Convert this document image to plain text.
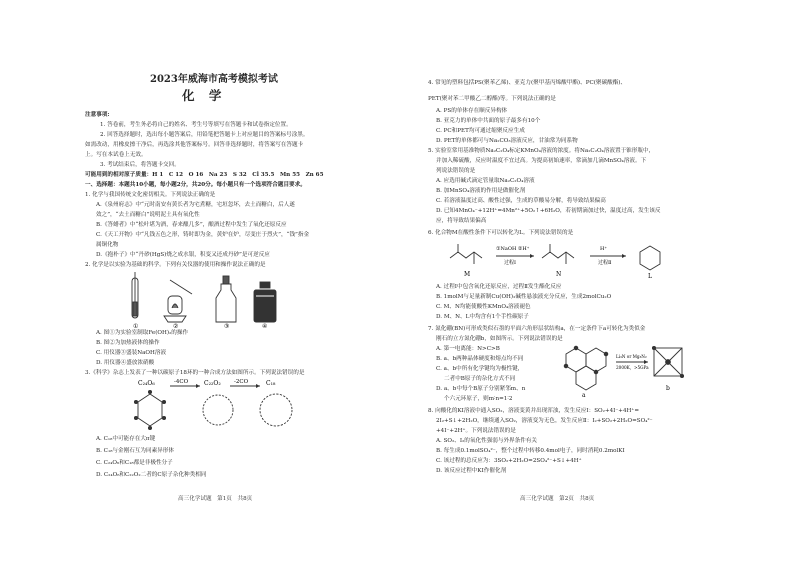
2023年威海市高考模拟考试
化 学
注意事项:
1. 答卷前，考生务必将自己的姓名、考生号等填写在答题卡和试卷指定位置。
2. 回答选择题时，选出每小题答案后，用铅笔把答题卡上对应题目的答案标号涂黑。
如需改动，用橡皮擦干净后，再选涂其他答案标号。回答非选择题时，将答案写在答题卡
上。写在本试卷上无效。
3. 考试结束后，将答题卡交回。
可能用到的相对原子质量：H 1　C 12　O 16　Na 23　S 32　Cl 35.5　Mn 55　Zn 65
一、选择题：本题共10小题，每小题2分，共20分。每小题只有一个选项符合题目要求。
1. 化学与我国传统文化密切相关。下列说法正确的是
A.《泉州府志》中“元时南安有黄长者为宅煮糖，宅垣忽坏，去土而糖白，后人遂
效之”，“去土而糖白”说明泥土具有氧化性
B.《答蜡者》中“松叶堪为酒，春来酿几多”，酿酒过程中发生了氧化还原反应
C.《天工开物》中“凡钱五色之形，铸时即为金，黄炉在炉，尽变庄于烈火”，“钱”指金
属铜化物
D.《抱朴子》中“丹砂(HgS)烧之成水银，积变又还成丹砂”是可逆反应
2. 化学是以实验为基础的科学。下列有关仪器的使用和操作说法正确的是
①	②	③	④
A. 图①为实验室制取Fe(OH)₂的操作
B. 图②为加热液体的操作
C. 用仪器③盛装NaOH溶液
D. 用仪器④盛放浓硝酸
3.《科学》杂志上发表了一种以碳原子18环的一种合成方法如图所示。下列说法错误的是
C₂₄O₆	-4CO	C₂₂O₂ -2CO	C₁₈
A. C₁₈中可能存在大π键
B. C₁₈与金刚石互为同素异形体
C. C₂₄O₆和C₁₈都是非极性分子
D. C₂₄O₆和C₂₂O₂二者的C原子杂化种类相同
高三化学试题　第1页　共8页
4. 常见的塑料包括PS(聚苯乙烯)、亚克力(聚甲基丙烯酸甲酯)、PC(聚碳酸酯)、
PET(聚对苯二甲酸乙二醇酯)等。下列说法正确的是
A. PS的单体存在顺反异构体
B. 亚克力的单体中共面的原子最多有10个
C. PC和PET均可通过缩聚反应生成
D. PET的单体都可与Na₂CO₃溶液反应，甘油常为同系物
5. 实验室常用基准物质Na₂C₂O₄标定KMnO₄溶液的浓度。将Na₂C₂O₄溶液置于锥形瓶中，
并加入稀硫酸，反应时温度不宜过高。为提高初始速率，常滴加几滴MnSO₄溶液。下
列说法错误的是
A. 应选用碱式滴定管量取Na₂C₂O₄溶液
B. 加MnSO₄溶液的作用是做催化剂
C. 若溶液温度过高、酸性过强，生成的草酸易分解，将导致结果偏高
D. 已知4MnO₄⁻+12H⁺=4Mn²⁺+5O₂↑+6H₂O，若初期滴加过快，温度过高，发生该反
应，将导致结果偏高
6. 化合物M在酸性条件下可以转化为L。下列说法错误的是
M
①NaOH ②H⁺
过程Ⅰ
N
H⁺
过程Ⅱ
L
A. 过程Ⅰ中包含氧化还原反应，过程Ⅱ发生酯化反应
B. 1molM与足量新制Cu(OH)₂碱性悬浊液充分反应，生成2molCu₂O
C. M、N均能使酸性KMnO₄溶液褪色
D. M、N、L中均含有1个手性碳原子
7. 氮化硼(BN)可形成类似石墨的平面六角形层状结构a，在一定条件下a可转化为类似金
刚石的立方氮化硼b，如图所示。下列说法错误的是
A. 第一电离能：N>C>B
B. a、b两种晶体硬度和熔点均不同
C. a、b中所有化学键均为极性键，
二者中B原子的杂化方式不同
D. a、b中每个B原子分别紧邻m、n
个六元环原子，则m∶n=1∶2	a
Li₃N or Mg₃N₂
2000K，>5GPa
b
8. 向酸化的KI溶液中通入SO₂，溶液变黄并出现浑浊，发生反应Ⅰ：SO₂+4I⁻+4H⁺=
2I₂+S↓+2H₂O，继续通入SO₂，溶液变为无色，发生反应Ⅱ：I₂+SO₂+2H₂O=SO₄²⁻
+4I⁻+2H⁺。下列说法错误的是
A. SO₂、I₂的氧化性强弱与外界条件有关
B. 每生成0.1molSO₄²⁻，整个过程中转移0.4mol电子，同时消耗0.2molKI
C. 该过程的总反应为：3SO₂+2H₂O=2SO₄²⁻+S↓+4H⁺
D. 该反应过程中KI作催化剂
高三化学试题　第2页　共8页
